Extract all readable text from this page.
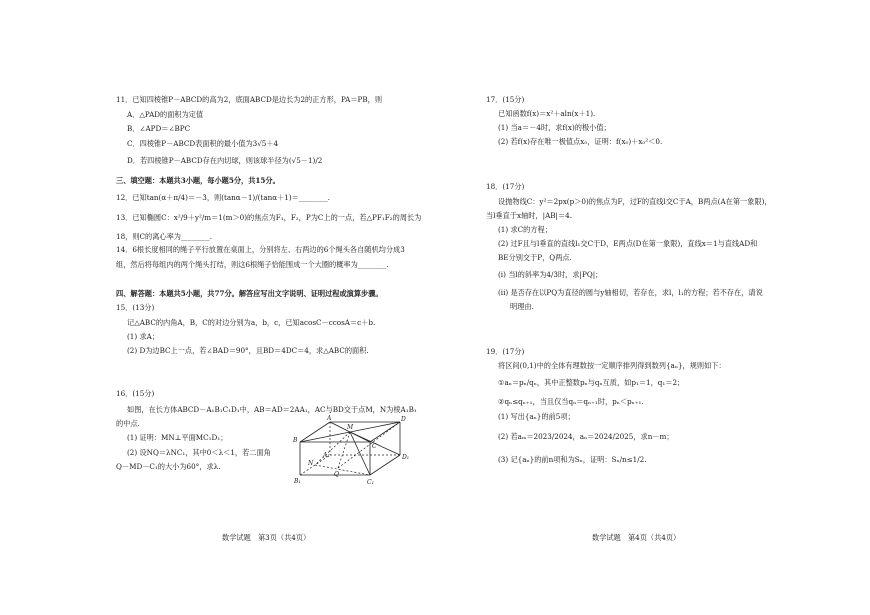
11．已知四棱锥P－ABCD的高为2，底面ABCD是边长为2的正方形，PA＝PB，则
A．△PAD的面积为定值
B．∠APD＝∠BPC
C．四棱锥P－ABCD表面积的最小值为3√5＋4
D．若四棱锥P－ABCD存在内切球，则该球半径为(√5－1)/2
三、填空题：本题共3小题，每小题5分，共15分。
12．已知tan(α＋π/4)＝－3，则(tanα－1)/(tanα＋1)＝________.
13．已知椭圆C：x²/9＋y²/m＝1(m＞0)的焦点为F₁，F₂，P为C上的一点，若△PF₁F₂的周长为
18，则C的离心率为________.
14．6根长度相同的绳子平行放置在桌面上，分别将左、右两边的6个绳头各自随机均分成3
组，然后将每组内的两个绳头打结，则这6根绳子恰能围成一个大圈的概率为________.
四、解答题：本题共5小题，共77分。解答应写出文字说明、证明过程或演算步骤。
15．(13分)
记△ABC的内角A，B，C的对边分别为a，b，c，已知acosC－ccosA＝c＋b.
(1) 求A；
(2) D为边BC上一点，若∠BAD＝90°，且BD＝4DC＝4，求△ABC的面积.
16．(15分)
如图，在长方体ABCD－A₁B₁C₁D₁中，AB＝AD＝2AA₁，AC与BD交于点M，N为棱A₁B₁
的中点.
(1) 证明：MN⊥平面MC₁D₁；
(2) 设NQ＝λNC₁，其中0＜λ＜1，若二面角
Q－MD－C₁的大小为60°，求λ.
A
B
C
D
M
N
Q
A₁
B₁	C₁
D₁
数学试题　第3页（共4页）
17．(15分)
已知函数f(x)＝x²＋aln(x＋1).
(1) 当a＝－4时，求f(x)的极小值；
(2) 若f(x)存在唯一极值点x₀，证明：f(x₀)＋x₀²＜0.
18．(17分)
设抛物线C：y²＝2px(p＞0)的焦点为F，过F的直线l交C于A，B两点(A在第一象限)，
当l垂直于x轴时，|AB|＝4.
(1) 求C的方程；
(2) 过F且与l垂直的直线l₁交C于D，E两点(D在第一象限)，直线x＝1与直线AD和
BE分别交于P，Q两点.
(i) 当l的斜率为4/3时，求|PQ|；
(ii) 是否存在以PQ为直径的圆与y轴相切，若存在，求l，l₁的方程；若不存在，请说
明理由.
19．(17分)
将区间(0,1)中的全体有理数按一定顺序排列得到数列{aₙ}，规则如下：
①aₙ＝pₙ/qₙ，其中正整数pₙ与qₙ互质，如p₁＝1，q₁＝2；
②qₙ≤qₙ₊₁，当且仅当qₙ＝qₙ₊₁时，pₙ＜pₙ₊₁.
(1) 写出{aₙ}的前5项；
(2) 若aₘ＝2023/2024，aₙ＝2024/2025，求n－m；
(3) 记{aₙ}的前n项和为Sₙ，证明：Sₙ/n≤1/2.
数学试题　第4页（共4页）
